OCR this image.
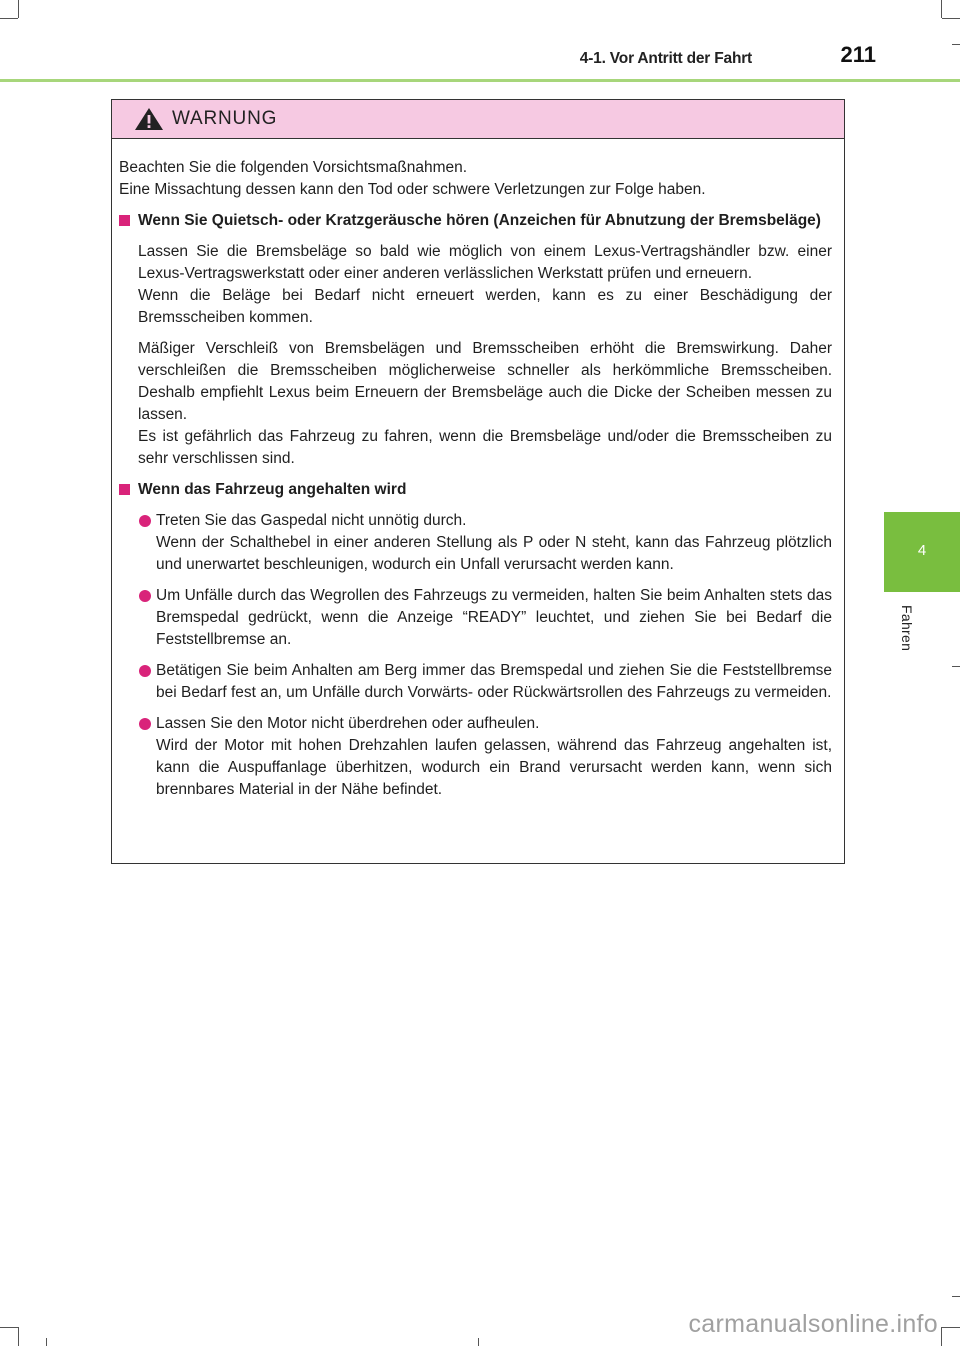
4-1. Vor Antritt der Fahrt	211
4
Fahren
WARNUNG
Beachten Sie die folgenden Vorsichtsmaßnahmen.
Eine Missachtung dessen kann den Tod oder schwere Verletzungen zur Folge haben.
Wenn Sie Quietsch- oder Kratzgeräusche hören (Anzeichen für Abnutzung der Bremsbeläge)
Lassen Sie die Bremsbeläge so bald wie möglich von einem Lexus-Vertragshändler bzw. einer Lexus-Vertragswerkstatt oder einer anderen verlässlichen Werkstatt prüfen und erneuern.
Wenn die Beläge bei Bedarf nicht erneuert werden, kann es zu einer Beschädigung der Bremsscheiben kommen.
Mäßiger Verschleiß von Bremsbelägen und Bremsscheiben erhöht die Bremswirkung. Daher verschleißen die Bremsscheiben möglicherweise schneller als herkömmliche Bremsscheiben. Deshalb empfiehlt Lexus beim Erneuern der Bremsbeläge auch die Dicke der Scheiben messen zu lassen.
Es ist gefährlich das Fahrzeug zu fahren, wenn die Bremsbeläge und/oder die Bremsscheiben zu sehr verschlissen sind.
Wenn das Fahrzeug angehalten wird
Treten Sie das Gaspedal nicht unnötig durch.
Wenn der Schalthebel in einer anderen Stellung als P oder N steht, kann das Fahrzeug plötzlich und unerwartet beschleunigen, wodurch ein Unfall verursacht werden kann.
Um Unfälle durch das Wegrollen des Fahrzeugs zu vermeiden, halten Sie beim Anhalten stets das Bremspedal gedrückt, wenn die Anzeige “READY” leuchtet, und ziehen Sie bei Bedarf die Feststellbremse an.
Betätigen Sie beim Anhalten am Berg immer das Bremspedal und ziehen Sie die Feststellbremse bei Bedarf fest an, um Unfälle durch Vorwärts- oder Rückwärtsrollen des Fahrzeugs zu vermeiden.
Lassen Sie den Motor nicht überdrehen oder aufheulen.
Wird der Motor mit hohen Drehzahlen laufen gelassen, während das Fahrzeug angehalten ist, kann die Auspuffanlage überhitzen, wodurch ein Brand verursacht werden kann, wenn sich brennbares Material in der Nähe befindet.
carmanualsonline.info
